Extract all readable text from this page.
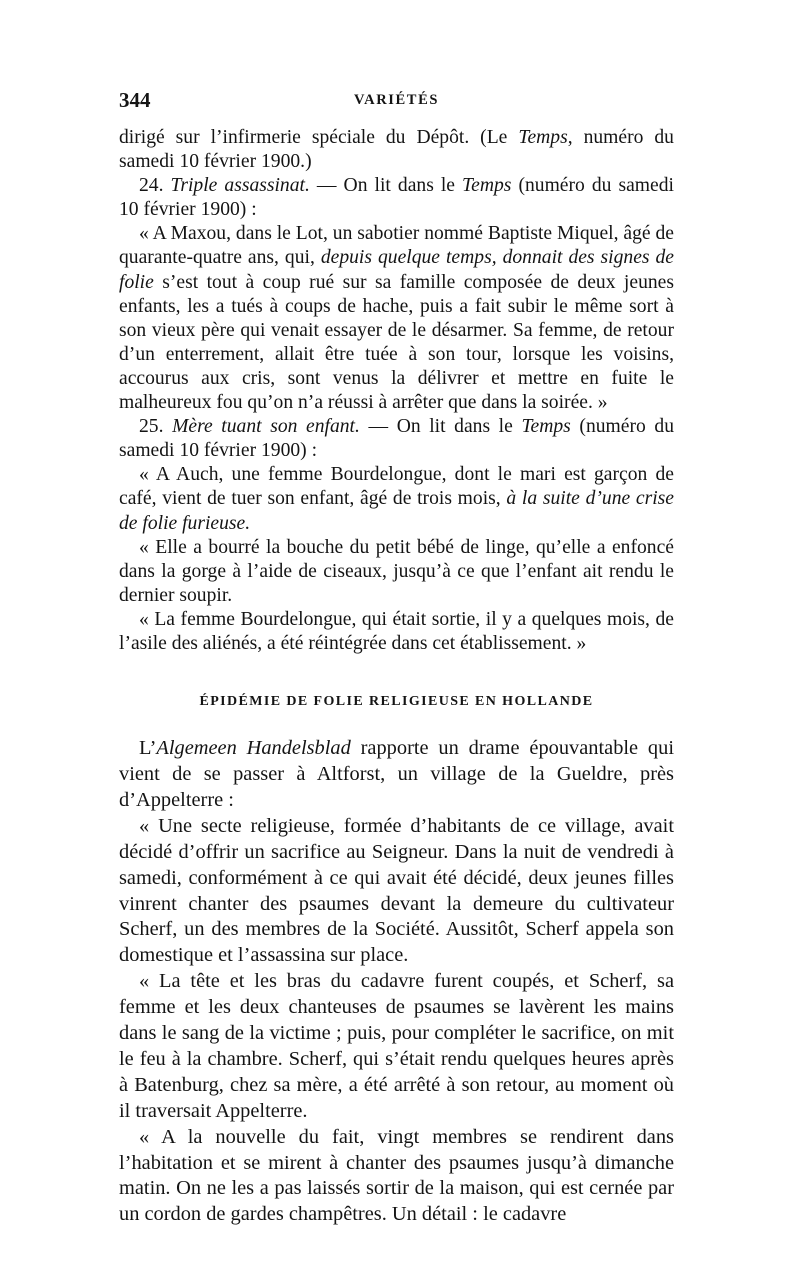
344	VARIÉTÉS

dirigé sur l’infirmerie spéciale du Dépôt. (Le Temps, numéro du samedi 10 février 1900.)

24. Triple assassinat. — On lit dans le Temps (numéro du samedi 10 février 1900) :

« A Maxou, dans le Lot, un sabotier nommé Baptiste Miquel, âgé de quarante-quatre ans, qui, depuis quelque temps, donnait des signes de folie s’est tout à coup rué sur sa famille composée de deux jeunes enfants, les a tués à coups de hache, puis a fait subir le même sort à son vieux père qui venait essayer de le désarmer. Sa femme, de retour d’un enterrement, allait être tuée à son tour, lorsque les voisins, accourus aux cris, sont venus la délivrer et mettre en fuite le malheureux fou qu’on n’a réussi à arrêter que dans la soirée. »

25. Mère tuant son enfant. — On lit dans le Temps (numéro du samedi 10 février 1900) :

« A Auch, une femme Bourdelongue, dont le mari est garçon de café, vient de tuer son enfant, âgé de trois mois, à la suite d’une crise de folie furieuse.

« Elle a bourré la bouche du petit bébé de linge, qu’elle a enfoncé dans la gorge à l’aide de ciseaux, jusqu’à ce que l’enfant ait rendu le dernier soupir.

« La femme Bourdelongue, qui était sortie, il y a quelques mois, de l’asile des aliénés, a été réintégrée dans cet établissement. »

ÉPIDÉMIE DE FOLIE RELIGIEUSE EN HOLLANDE

L’Algemeen Handelsblad rapporte un drame épouvantable qui vient de se passer à Altforst, un village de la Gueldre, près d’Appelterre :

« Une secte religieuse, formée d’habitants de ce village, avait décidé d’offrir un sacrifice au Seigneur. Dans la nuit de vendredi à samedi, conformément à ce qui avait été décidé, deux jeunes filles vinrent chanter des psaumes devant la demeure du cultivateur Scherf, un des membres de la Société. Aussitôt, Scherf appela son domestique et l’assassina sur place.

« La tête et les bras du cadavre furent coupés, et Scherf, sa femme et les deux chanteuses de psaumes se lavèrent les mains dans le sang de la victime ; puis, pour compléter le sacrifice, on mit le feu à la chambre. Scherf, qui s’était rendu quelques heures après à Batenburg, chez sa mère, a été arrêté à son retour, au moment où il traversait Appelterre.

« A la nouvelle du fait, vingt membres se rendirent dans l’habitation et se mirent à chanter des psaumes jusqu’à dimanche matin. On ne les a pas laissés sortir de la maison, qui est cernée par un cordon de gardes champêtres. Un détail : le cadavre
